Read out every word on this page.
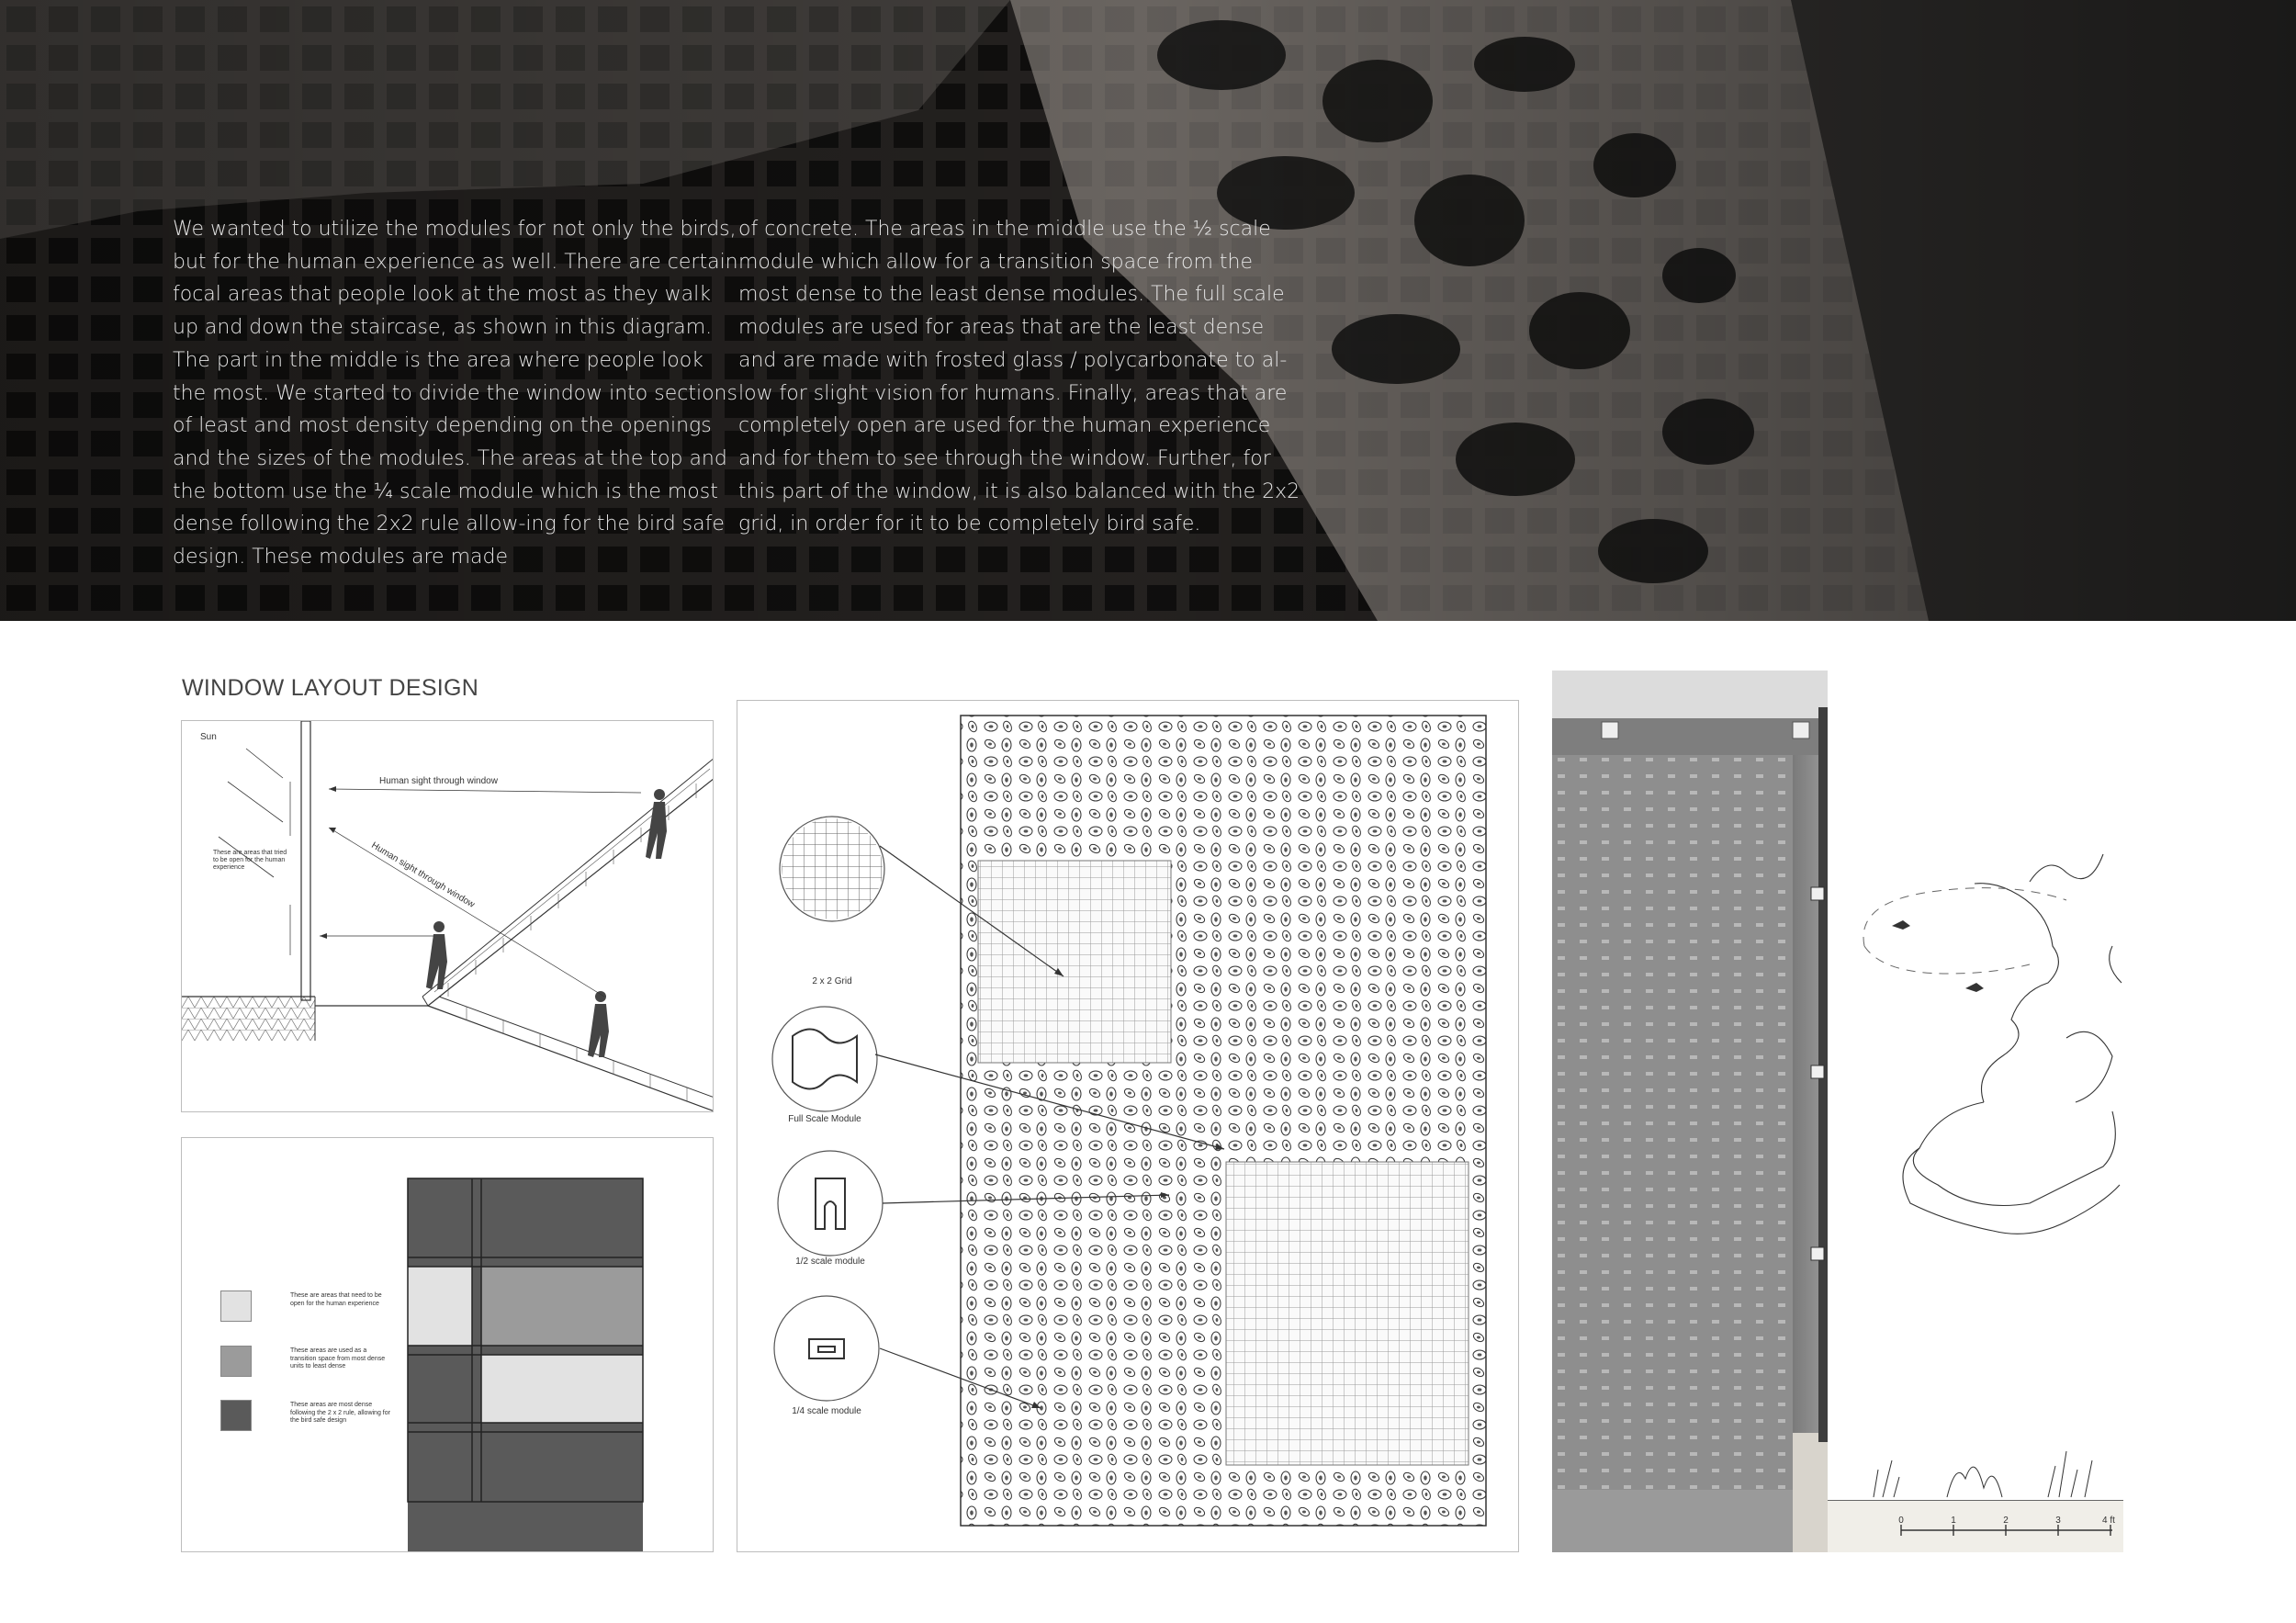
We wanted to utilize the modules for not only the birds, but for the human experience as well. There are certain focal areas that people look at the most as they walk up and down the staircase, as shown in this diagram. The part in the middle is the area where people look the most. We started to divide the window into sections of least and most density depending on the openings and the sizes of the modules. The areas at the top and the bottom use the ¼ scale module which is the most dense following the 2x2 rule allow-ing for the bird safe design. These modules are made

of concrete. The areas in the middle use the ½ scale module which allow for a transition space from the most dense to the least dense modules. The full scale modules are used for areas that are the least dense and are made with frosted glass / polycarbonate to al-low for slight vision for humans. Finally, areas that are completely open are used for the human experience and for them to see through the window. Further, for this part of the window, it is also balanced with the 2x2 grid, in order for it to be completely bird safe.

WINDOW LAYOUT DESIGN
Sun
Human sight through window
Human sight through window
These are areas that tried to be open for the human experience
These are areas that need to be open for the human experience
These areas are used as a transition space from most dense units to least dense
These areas are most dense following the 2 x 2 rule, allowing for the bird safe design
2 x 2 Grid
Full Scale Module
1/2 scale module
1/4 scale module
0	1	2	3	4 ft
